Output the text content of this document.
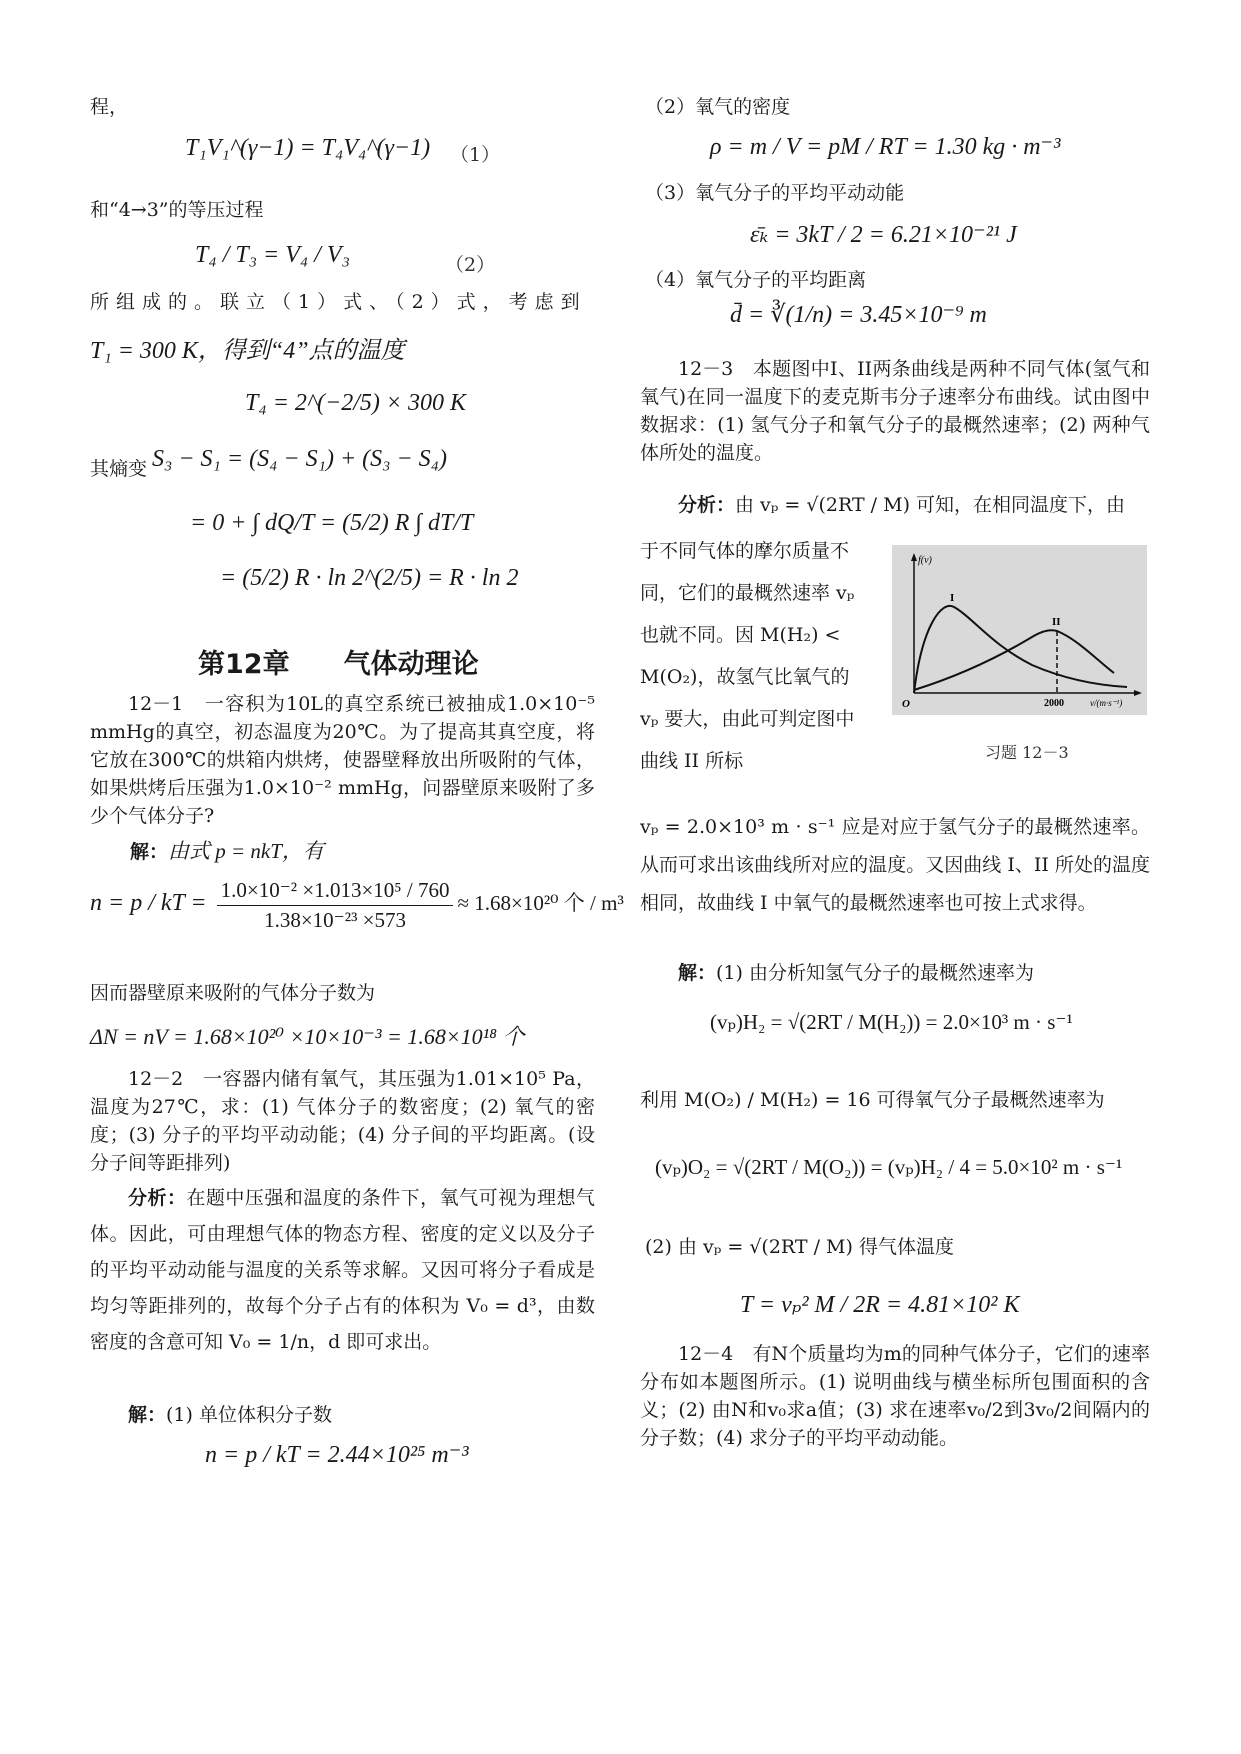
程，
T₁V₁^(γ−1) = T₄V₄^(γ−1) （1）
和“4→3”的等压过程
T₄ / T₃ = V₄ / V₃	（2）
所组成的。联立（1）式、（2）式，考虑到
T₁ = 300 K，得到“4”点的温度
T₄ = 2^(−2/5) × 300 K
其熵变 S₃ − S₁ = (S₄ − S₁) + (S₃ − S₄)
= 0 + ∫ dQ/T = (5/2) R ∫ dT/T
= (5/2) R · ln 2^(2/5) = R · ln 2
第12章　　气体动理论
12－1　一容积为10L的真空系统已被抽成1.0×10⁻⁵ mmHg的真空，初态温度为20℃。为了提高其真空度，将它放在300℃的烘箱内烘烤，使器壁释放出所吸附的气体，如果烘烤后压强为1.0×10⁻² mmHg，问器壁原来吸附了多少个气体分子?
解：由式 p = nkT，有
n = p / kT = $\frac{\text{1.0×10⁻² ×1.013×10⁵ / 760}}{\text{1.38×10⁻²³ ×573}} \approx 1.68\times 10^{20}$ 个 / m³
因而器壁原来吸附的气体分子数为
ΔN = nV = 1.68×10²⁰ ×10×10⁻³ = 1.68×10¹⁸ 个
12－2　一容器内储有氧气，其压强为1.01×10⁵ Pa，温度为27℃，求：(1) 气体分子的数密度；(2) 氧气的密度；(3) 分子的平均平动动能；(4) 分子间的平均距离。(设分子间等距排列)
分析：在题中压强和温度的条件下，氧气可视为理想气体。因此，可由理想气体的物态方程、密度的定义以及分子的平均平动动能与温度的关系等求解。又因可将分子看成是均匀等距排列的，故每个分子占有的体积为 V₀ = d³，由数密度的含意可知 V₀ = 1/n，d 即可求出。
解：(1) 单位体积分子数
n = p / kT = 2.44×10²⁵ m⁻³
（2）氧气的密度
ρ = m / V = pM / RT = 1.30 kg · m⁻³
（3）氧气分子的平均平动动能
ε̄ₖ = 3kT / 2 = 6.21×10⁻²¹ J
（4）氧气分子的平均距离
d̄ = ∛(1/n) = 3.45×10⁻⁹ m
12－3　本题图中I、II两条曲线是两种不同气体(氢气和氧气)在同一温度下的麦克斯韦分子速率分布曲线。试由图中数据求：(1) 氢气分子和氧气分子的最概然速率；(2) 两种气体所处的温度。
分析：由 vₚ = √(2RT / M) 可知，在相同温度下，由
于不同气体的摩尔质量不同，它们的最概然速率 vₚ 也就不同。因 M(H₂) < M(O₂)，故氢气比氧气的 vₚ 要大，由此可判定图中曲线 II 所标
f(v)
O
I
II
2000	v/(m·s⁻¹)
习题 12－3
vₚ = 2.0×10³ m · s⁻¹ 应是对应于氢气分子的最概然速率。从而可求出该曲线所对应的温度。又因曲线 I、II 所处的温度相同，故曲线 I 中氧气的最概然速率也可按上式求得。
解：(1) 由分析知氢气分子的最概然速率为
(vₚ)H₂ = √(2RT / M(H₂)) = 2.0×10³ m · s⁻¹
利用 M(O₂) / M(H₂) = 16 可得氧气分子最概然速率为
(vₚ)O₂ = √(2RT / M(O₂)) = (vₚ)H₂ / 4 = 5.0×10² m · s⁻¹
(2) 由 vₚ = √(2RT / M) 得气体温度
T = vₚ² M / 2R = 4.81×10² K
12－4　有N个质量均为m的同种气体分子，它们的速率分布如本题图所示。(1) 说明曲线与横坐标所包围面积的含义；(2) 由N和v₀求a值；(3) 求在速率v₀/2到3v₀/2间隔内的分子数；(4) 求分子的平均平动动能。
